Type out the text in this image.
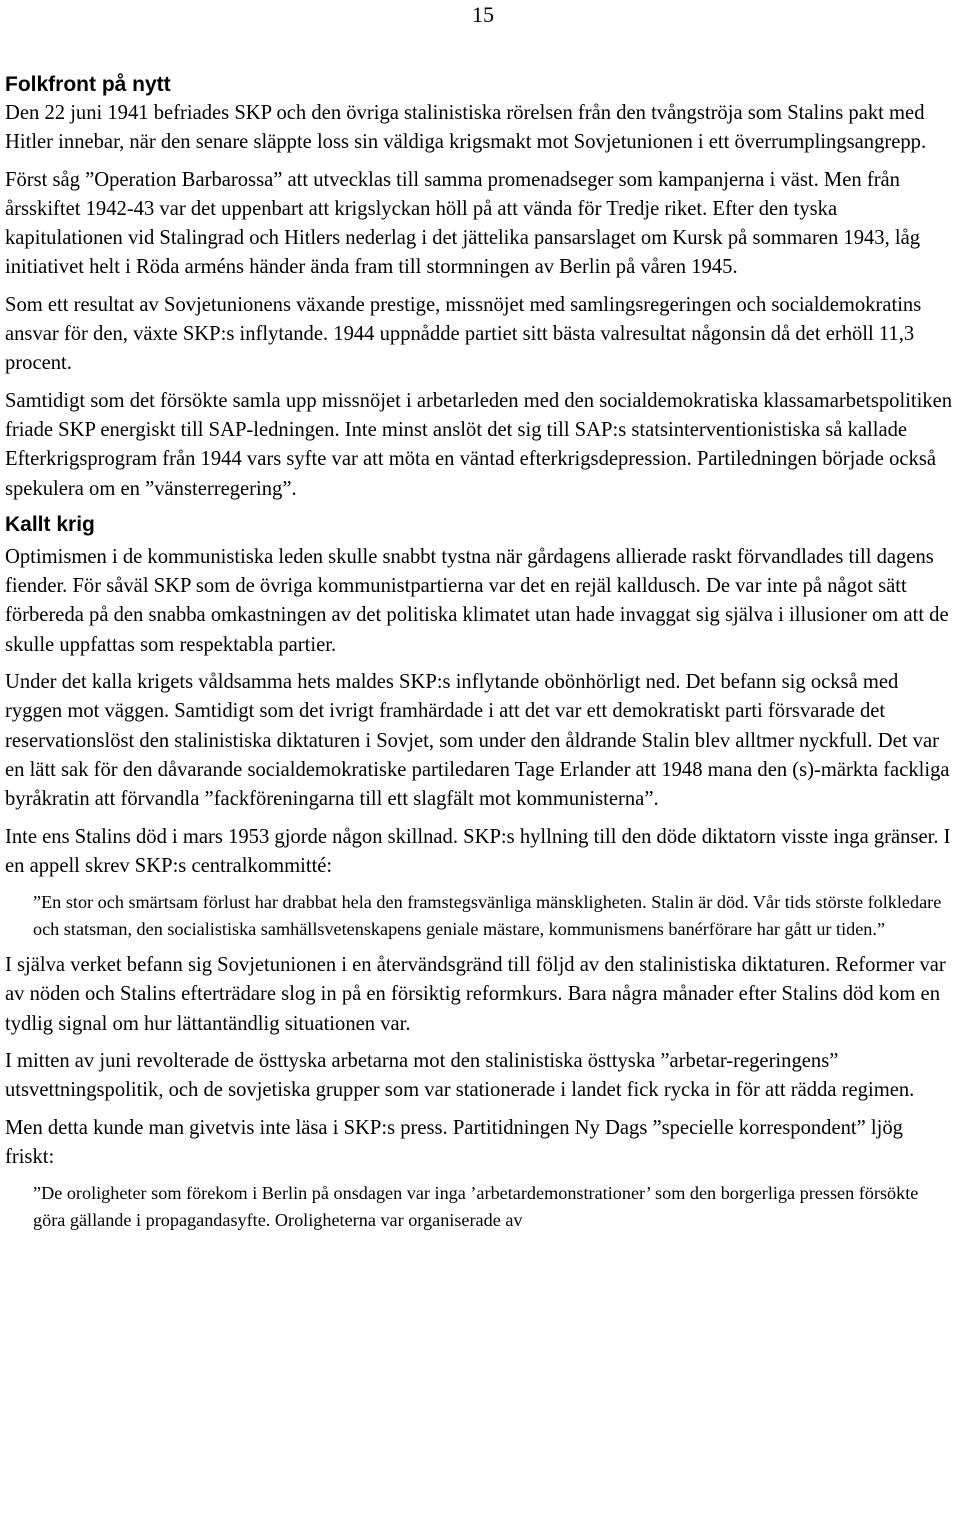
15
Folkfront på nytt

Den 22 juni 1941 befriades SKP och den övriga stalinistiska rörelsen från den tvångströja som Stalins pakt med Hitler innebar, när den senare släppte loss sin väldiga krigsmakt mot Sovjetunionen i ett överrumplingsangrepp.

Först såg ”Operation Barbarossa” att utvecklas till samma promenadseger som kampanjerna i väst. Men från årsskiftet 1942-43 var det uppenbart att krigslyckan höll på att vända för Tredje riket. Efter den tyska kapitulationen vid Stalingrad och Hitlers nederlag i det jättelika pansarslaget om Kursk på sommaren 1943, låg initiativet helt i Röda arméns händer ända fram till stormningen av Berlin på våren 1945.

Som ett resultat av Sovjetunionens växande prestige, missnöjet med samlingsregeringen och socialdemokratins ansvar för den, växte SKP:s inflytande. 1944 uppnådde partiet sitt bästa valresultat någonsin då det erhöll 11,3 procent.

Samtidigt som det försökte samla upp missnöjet i arbetarleden med den socialdemokratiska klassamarbetspolitiken friade SKP energiskt till SAP-ledningen. Inte minst anslöt det sig till SAP:s statsinterventionistiska så kallade Efterkrigsprogram från 1944 vars syfte var att möta en väntad efterkrigsdepression. Partiledningen började också spekulera om en ”vänsterregering”.

Kallt krig

Optimismen i de kommunistiska leden skulle snabbt tystna när gårdagens allierade raskt förvandlades till dagens fiender. För såväl SKP som de övriga kommunistpartierna var det en rejäl kalldusch. De var inte på något sätt förbereda på den snabba omkastningen av det politiska klimatet utan hade invaggat sig själva i illusioner om att de skulle uppfattas som respektabla partier.

Under det kalla krigets våldsamma hets maldes SKP:s inflytande obönhörligt ned. Det befann sig också med ryggen mot väggen. Samtidigt som det ivrigt framhärdade i att det var ett demokratiskt parti försvarade det reservationslöst den stalinistiska diktaturen i Sovjet, som under den åldrande Stalin blev alltmer nyckfull. Det var en lätt sak för den dåvarande socialdemokratiske partiledaren Tage Erlander att 1948 mana den (s)-märkta fackliga byråkratin att förvandla ”fackföreningarna till ett slagfält mot kommunisterna”.

Inte ens Stalins död i mars 1953 gjorde någon skillnad. SKP:s hyllning till den döde diktatorn visste inga gränser. I en appell skrev SKP:s centralkommitté:

”En stor och smärtsam förlust har drabbat hela den framstegsvänliga mänskligheten. Stalin är död. Vår tids störste folkledare och statsman, den socialistiska samhällsvetenskapens geniale mästare, kommunismens banérförare har gått ur tiden.”

I själva verket befann sig Sovjetunionen i en återvändsgränd till följd av den stalinistiska diktaturen. Reformer var av nöden och Stalins efterträdare slog in på en försiktig reformkurs. Bara några månader efter Stalins död kom en tydlig signal om hur lättantändlig situationen var.

I mitten av juni revolterade de östtyska arbetarna mot den stalinistiska östtyska ”arbetar-regeringens” utsvettningspolitik, och de sovjetiska grupper som var stationerade i landet fick rycka in för att rädda regimen.

Men detta kunde man givetvis inte läsa i SKP:s press. Partitidningen Ny Dags ”specielle korrespondent” ljög friskt:

”De oroligheter som förekom i Berlin på onsdagen var inga ’arbetardemonstrationer’ som den borgerliga pressen försökte göra gällande i propagandasyfte. Oroligheterna var organiserade av
